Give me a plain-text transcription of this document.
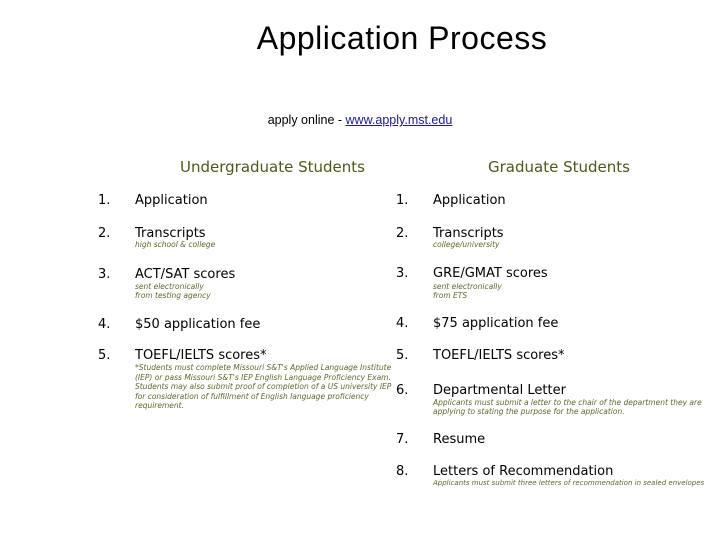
Application Process
apply online - www.apply.mst.edu
Undergraduate Students	Graduate Students
1. Application
2. Transcripts
high school & college
3. ACT/SAT scores
sent electronically
from testing agency
4. $50 application fee
5. TOEFL/IELTS scores*
*Students must complete Missouri S&T's Applied Language Institute (IEP) or pass Missouri S&T's IEP English Language Proficiency Exam. Students may also submit proof of completion of a US university IEP for consideration of fulfillment of English language proficiency requirement.
1. Application
2. Transcripts
college/university
3. GRE/GMAT scores
sent electronically
from ETS
4. $75 application fee
5. TOEFL/IELTS scores*
6. Departmental Letter
Applicants must submit a letter to the chair of the department they are
applying to stating the purpose for the application.
7. Resume
8. Letters of Recommendation
Applicants must submit three letters of recommendation in sealed envelopes
